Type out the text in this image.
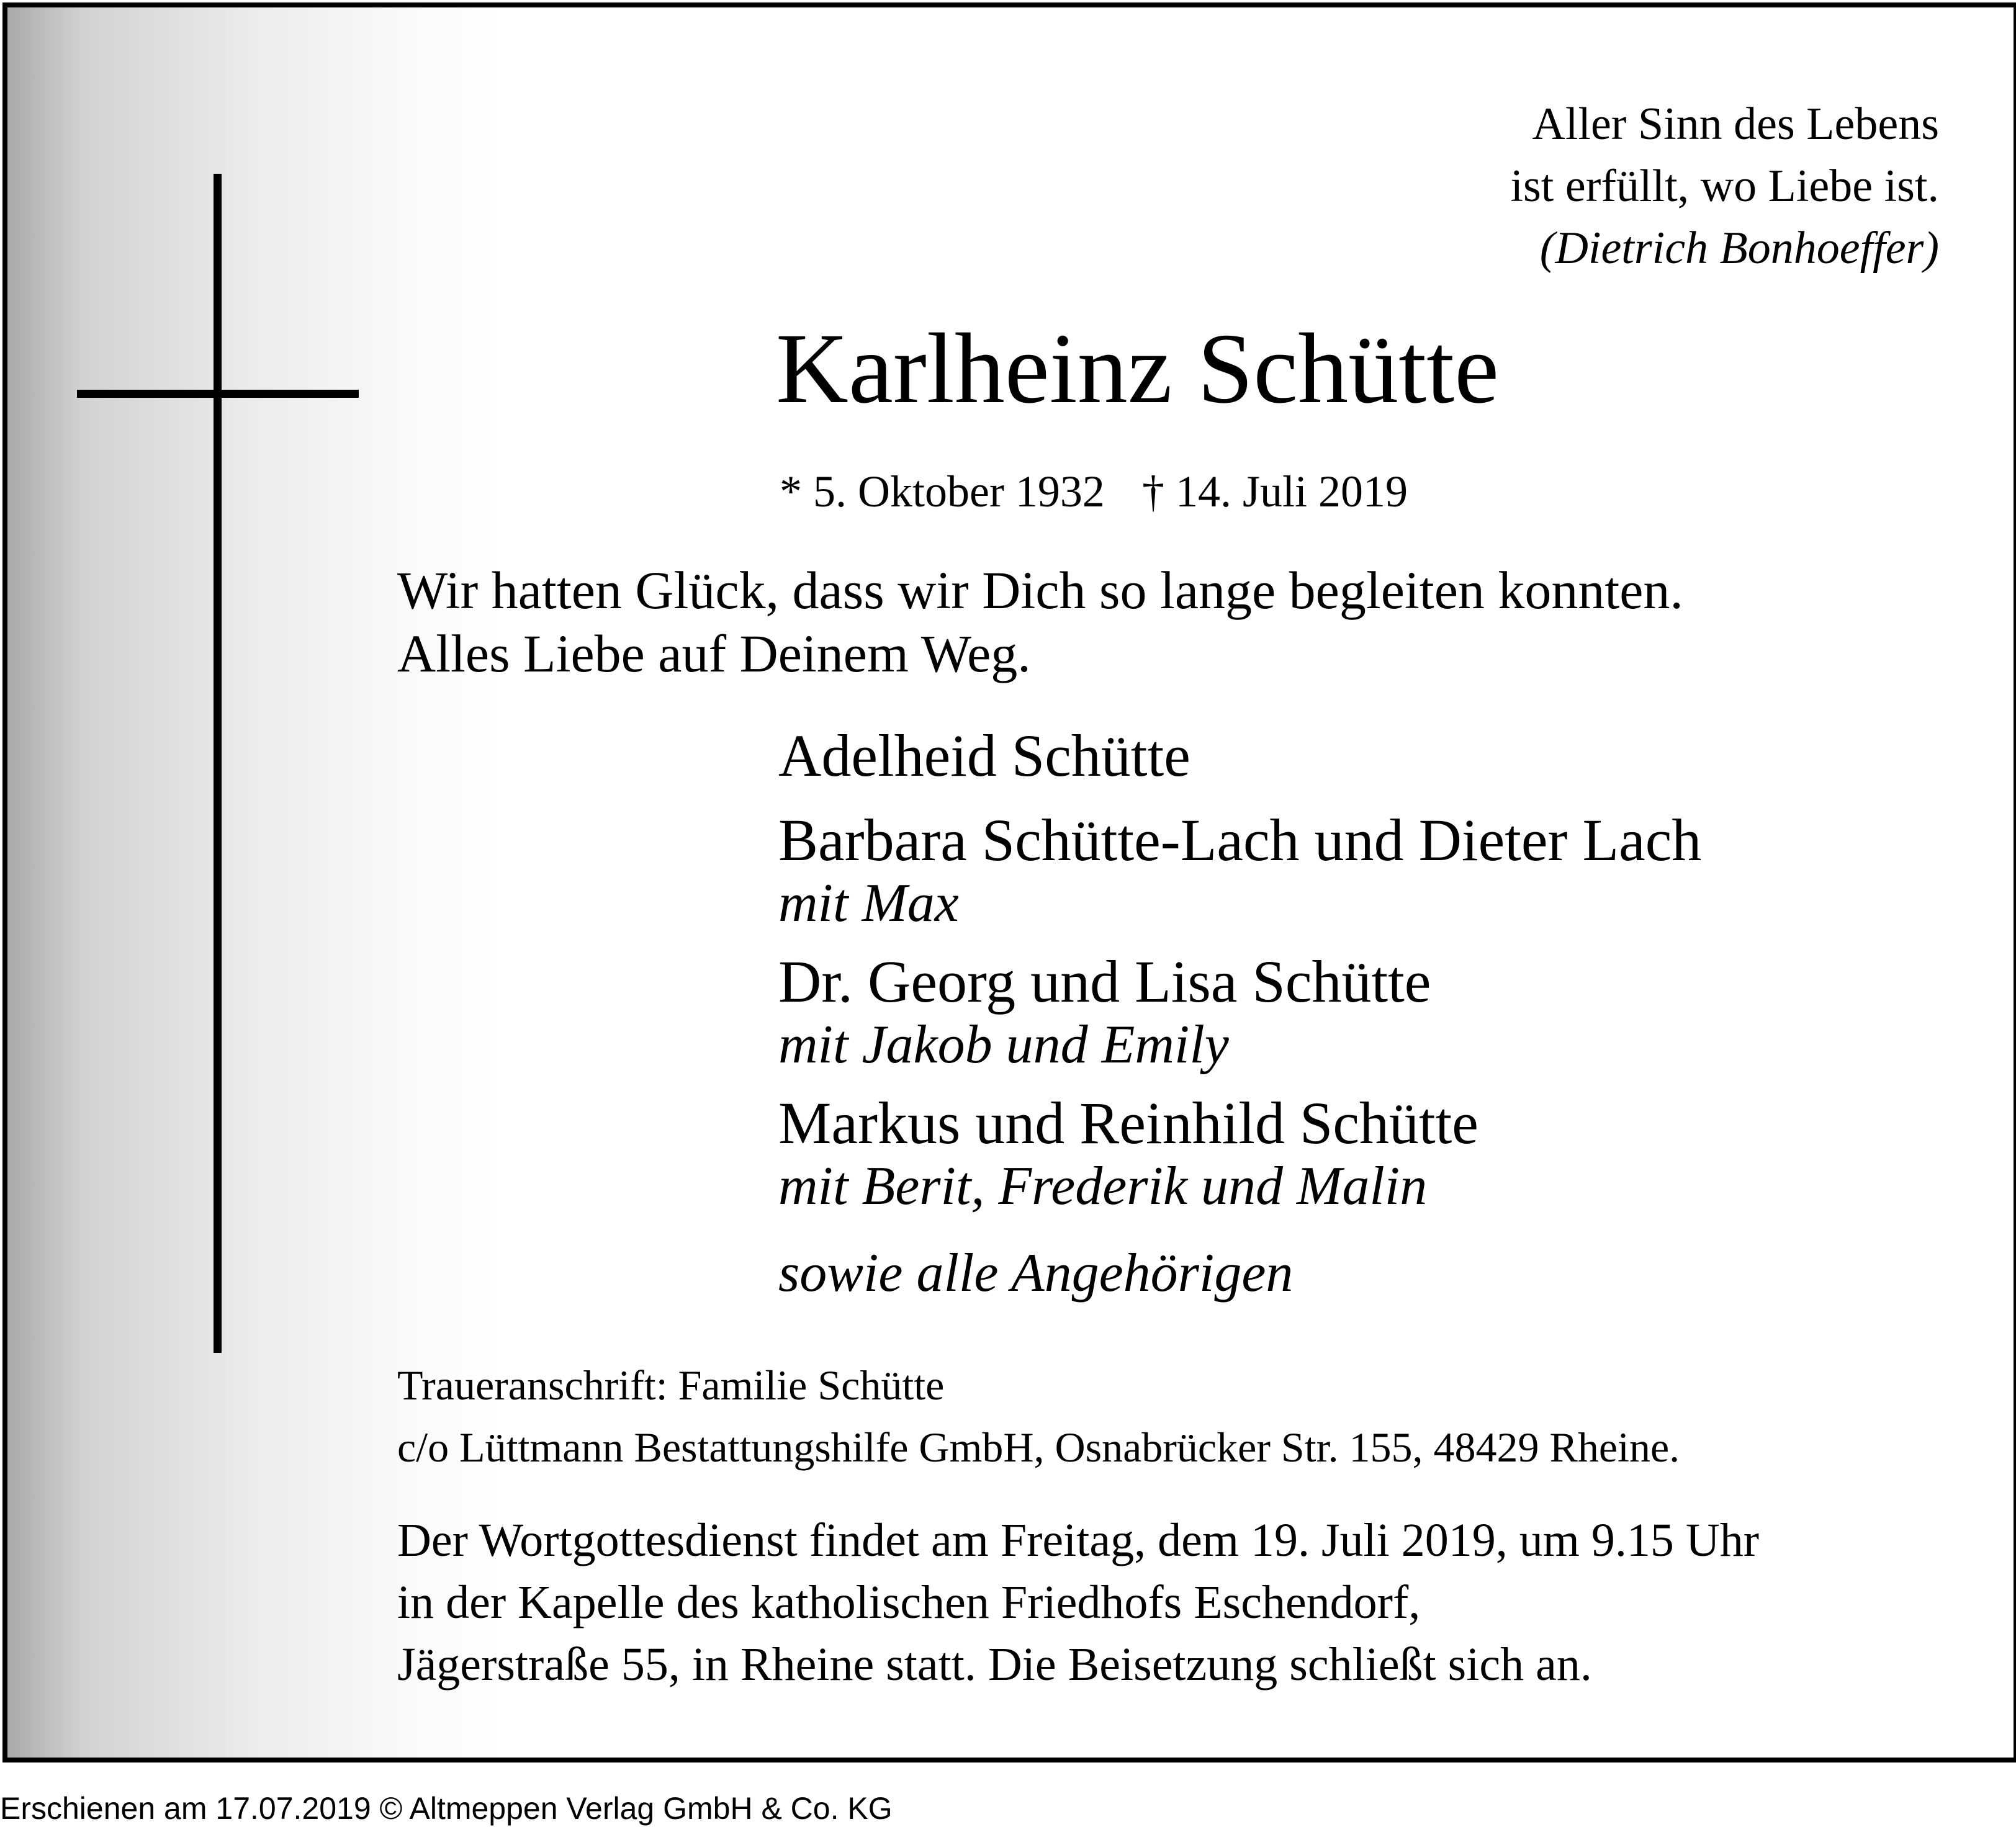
Aller Sinn des Lebens
ist erfüllt, wo Liebe ist.
(Dietrich Bonhoeffer)
Karlheinz Schütte
* 5. Oktober 1932 † 14. Juli 2019
Wir hatten Glück, dass wir Dich so lange begleiten konnten.
Alles Liebe auf Deinem Weg.
Adelheid Schütte
Barbara Schütte-Lach und Dieter Lach
mit Max
Dr. Georg und Lisa Schütte
mit Jakob und Emily
Markus und Reinhild Schütte
mit Berit, Frederik und Malin
sowie alle Angehörigen
Traueranschrift: Familie Schütte
c/o Lüttmann Bestattungshilfe GmbH, Osnabrücker Str. 155, 48429 Rheine.
Der Wortgottesdienst findet am Freitag, dem 19. Juli 2019, um 9.15 Uhr
in der Kapelle des katholischen Friedhofs Eschendorf,
Jägerstraße 55, in Rheine statt. Die Beisetzung schließt sich an.
Erschienen am 17.07.2019 © Altmeppen Verlag GmbH & Co. KG
